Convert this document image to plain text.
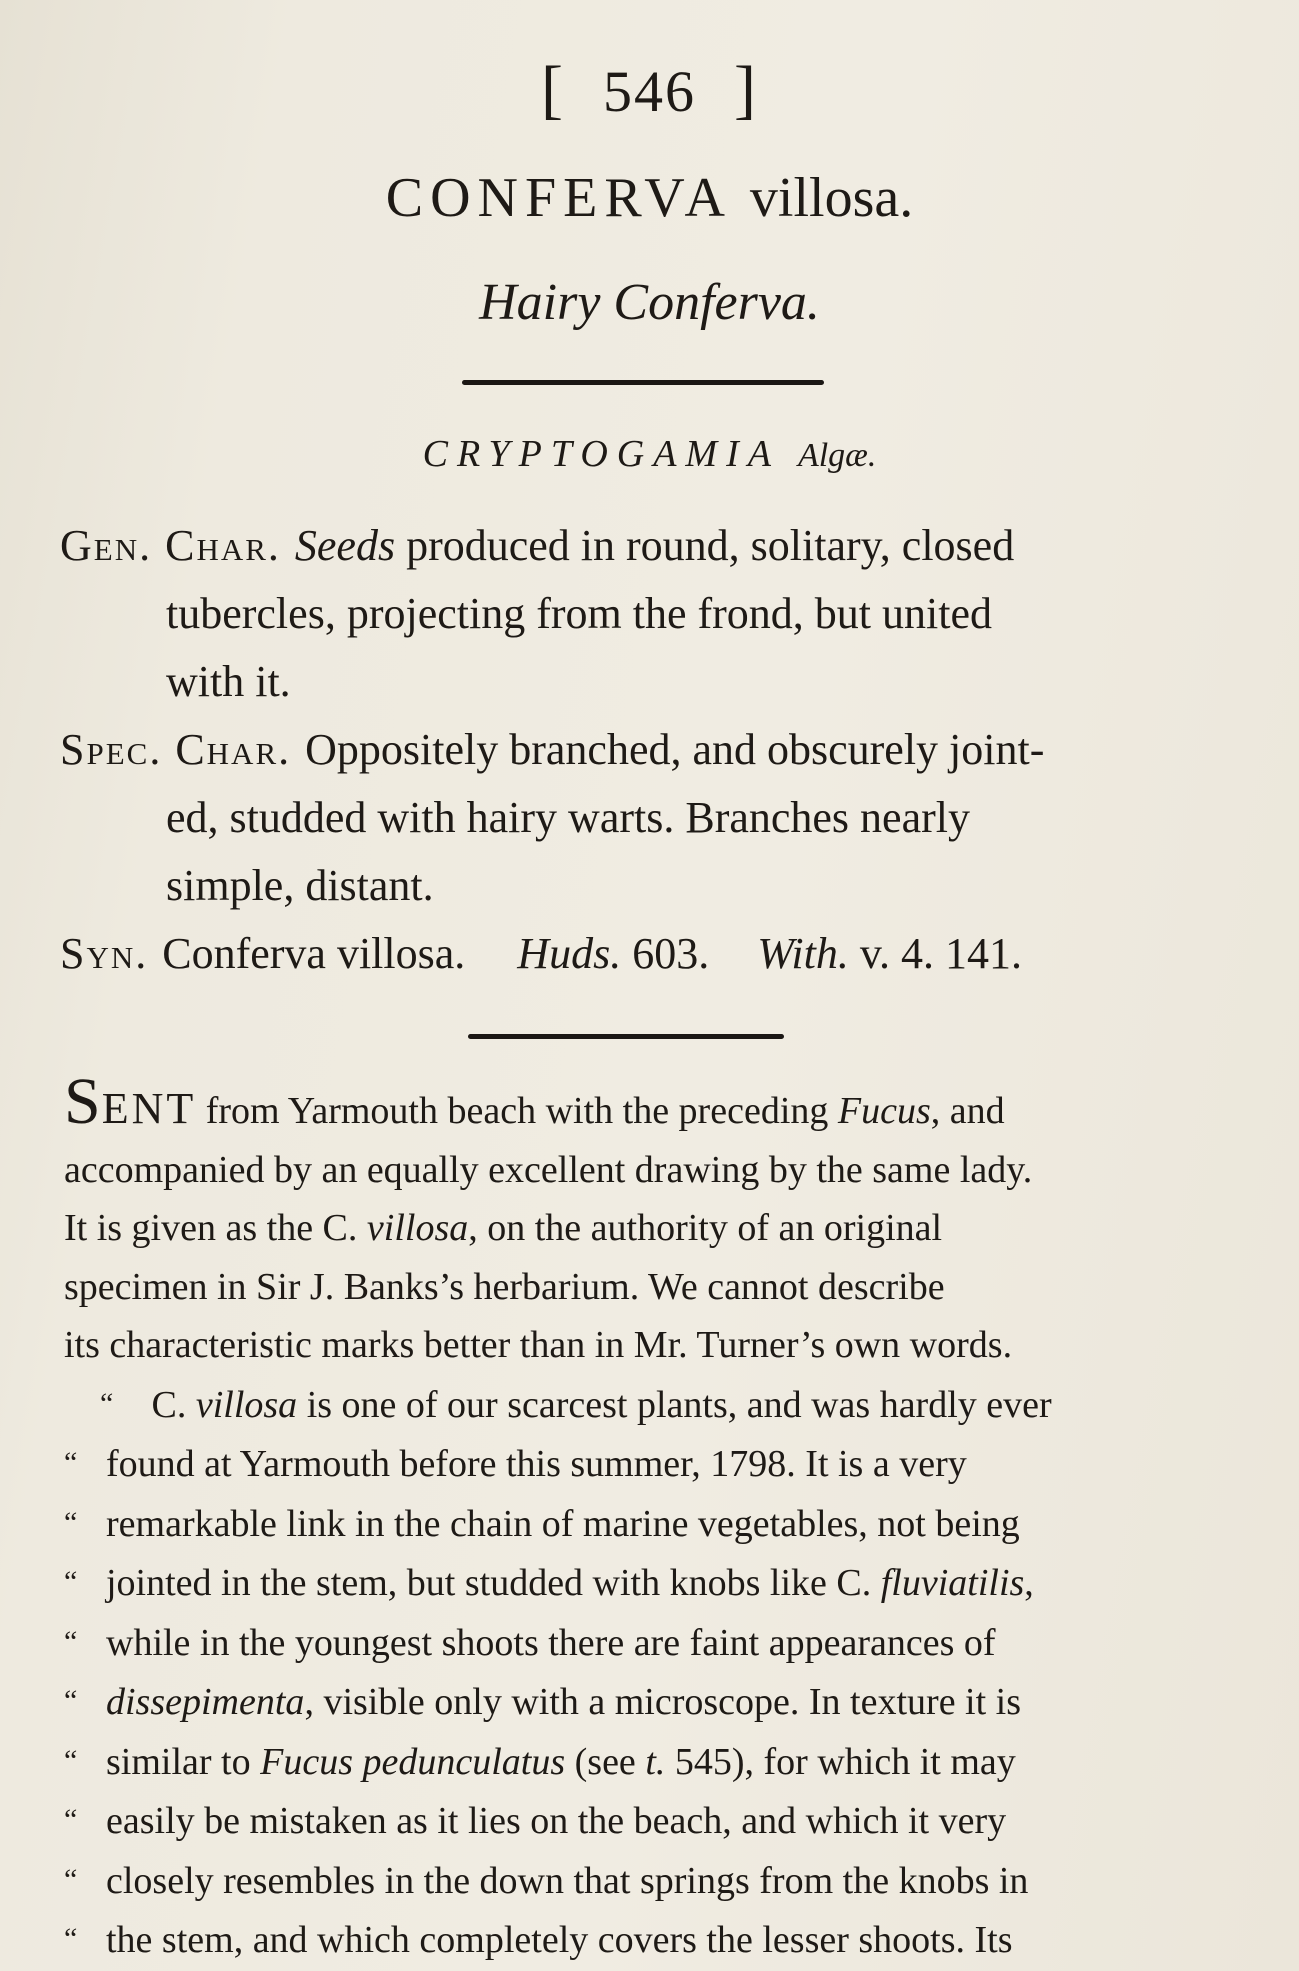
[ 546 ]
CONFERVA villosa.
Hairy Conferva.
CRYPTOGAMIA Algæ.
Gen. Char. Seeds produced in round, solitary, closed
tubercles, projecting from the frond, but united
with it.
Spec. Char. Oppositely branched, and obscurely joint-
ed, studded with hairy warts. Branches nearly
simple, distant.
Syn. Conferva villosa. Huds. 603. With. v. 4. 141.
SENT from Yarmouth beach with the preceding Fucus, and
accompanied by an equally excellent drawing by the same lady.
It is given as the C. villosa, on the authority of an original
specimen in Sir J. Banks’s herbarium. We cannot describe
its characteristic marks better than in Mr. Turner’s own words.
“ C. villosa is one of our scarcest plants, and was hardly ever
“ found at Yarmouth before this summer, 1798. It is a very
“ remarkable link in the chain of marine vegetables, not being
“ jointed in the stem, but studded with knobs like C. fluviatilis,
“ while in the youngest shoots there are faint appearances of
“ dissepimenta, visible only with a microscope. In texture it is
“ similar to Fucus pedunculatus (see t. 545), for which it may
“ easily be mistaken as it lies on the beach, and which it very
“ closely resembles in the down that springs from the knobs in
“ the stem, and which completely covers the lesser shoots. Its
